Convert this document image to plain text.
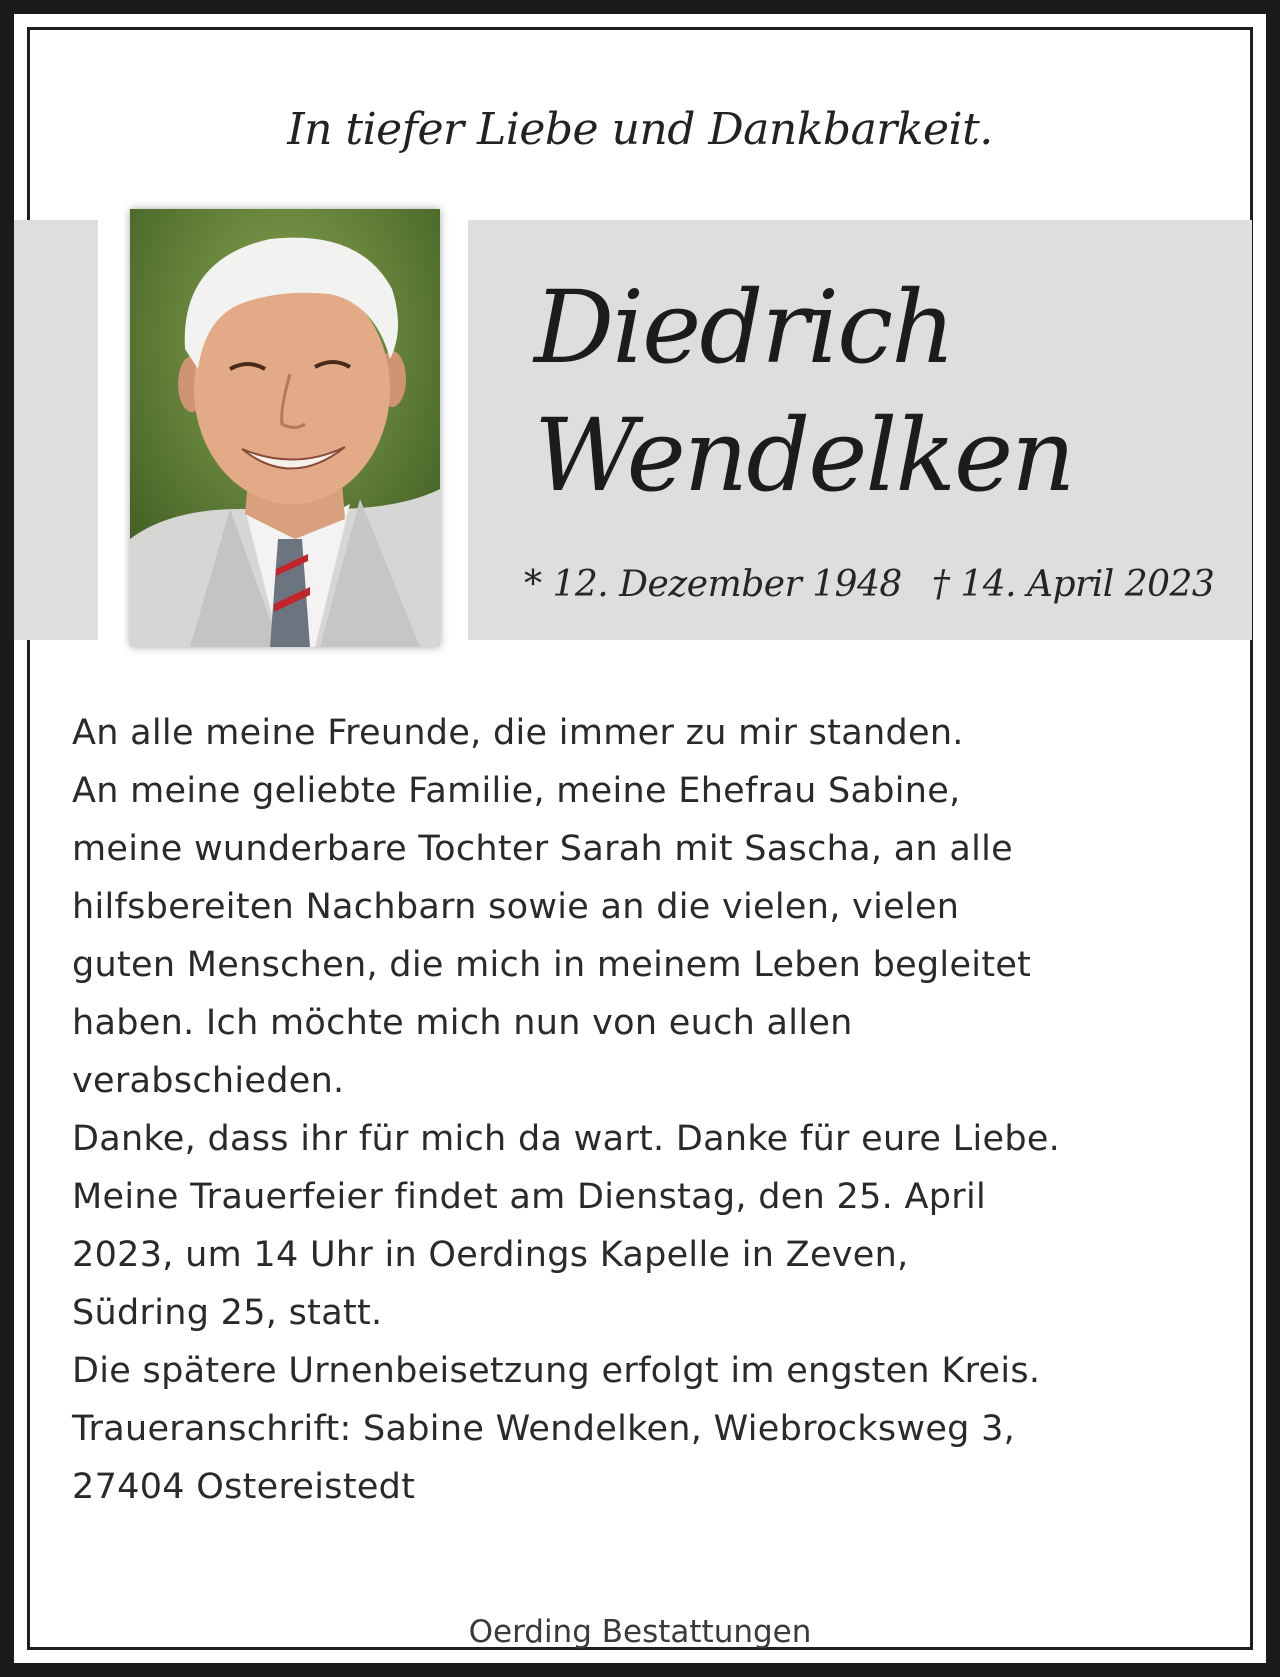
In tiefer Liebe und Dankbarkeit.
Diedrich
Wendelken
* 12. Dezember 1948 † 14. April 2023

An alle meine Freunde, die immer zu mir standen.
An meine geliebte Familie, meine Ehefrau Sabine,
meine wunderbare Tochter Sarah mit Sascha, an alle
hilfsbereiten Nachbarn sowie an die vielen, vielen
guten Menschen, die mich in meinem Leben begleitet
haben. Ich möchte mich nun von euch allen
verabschieden.
Danke, dass ihr für mich da wart. Danke für eure Liebe.

Meine Trauerfeier findet am Dienstag, den 25. April
2023, um 14 Uhr in Oerdings Kapelle in Zeven,
Südring 25, statt.

Die spätere Urnenbeisetzung erfolgt im engsten Kreis.

Traueranschrift: Sabine Wendelken, Wiebrocksweg 3,
27404 Ostereistedt

Oerding Bestattungen
